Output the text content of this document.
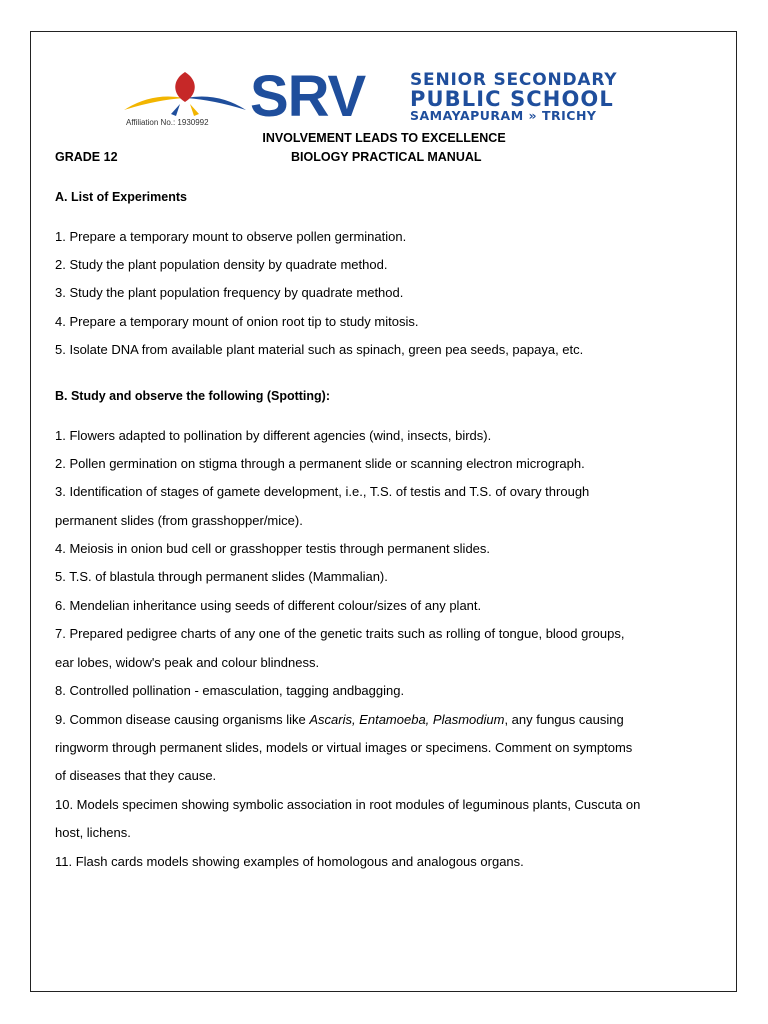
Affiliation No.: 1930992 SRV	SENIOR SECONDARY
PUBLIC SCHOOL
SAMAYAPURAM » TRICHY
INVOLVEMENT LEADS TO EXCELLENCE
GRADE 12	BIOLOGY PRACTICAL MANUAL
A. List of Experiments
1. Prepare a temporary mount to observe pollen germination.
2. Study the plant population density by quadrate method.
3. Study the plant population frequency by quadrate method.
4. Prepare a temporary mount of onion root tip to study mitosis.
5. Isolate DNA from available plant material such as spinach, green pea seeds, papaya, etc.
B. Study and observe the following (Spotting):
1. Flowers adapted to pollination by different agencies (wind, insects, birds).
2. Pollen germination on stigma through a permanent slide or scanning electron micrograph.
3. Identification of stages of gamete development, i.e., T.S. of testis and T.S. of ovary through
permanent slides (from grasshopper/mice).
4. Meiosis in onion bud cell or grasshopper testis through permanent slides.
5. T.S. of blastula through permanent slides (Mammalian).
6. Mendelian inheritance using seeds of different colour/sizes of any plant.
7. Prepared pedigree charts of any one of the genetic traits such as rolling of tongue, blood groups,
ear lobes, widow's peak and colour blindness.
8. Controlled pollination - emasculation, tagging andbagging.
9. Common disease causing organisms like Ascaris, Entamoeba, Plasmodium, any fungus causing
ringworm through permanent slides, models or virtual images or specimens. Comment on symptoms
of diseases that they cause.
10. Models specimen showing symbolic association in root modules of leguminous plants, Cuscuta on
host, lichens.
11. Flash cards models showing examples of homologous and analogous organs.
